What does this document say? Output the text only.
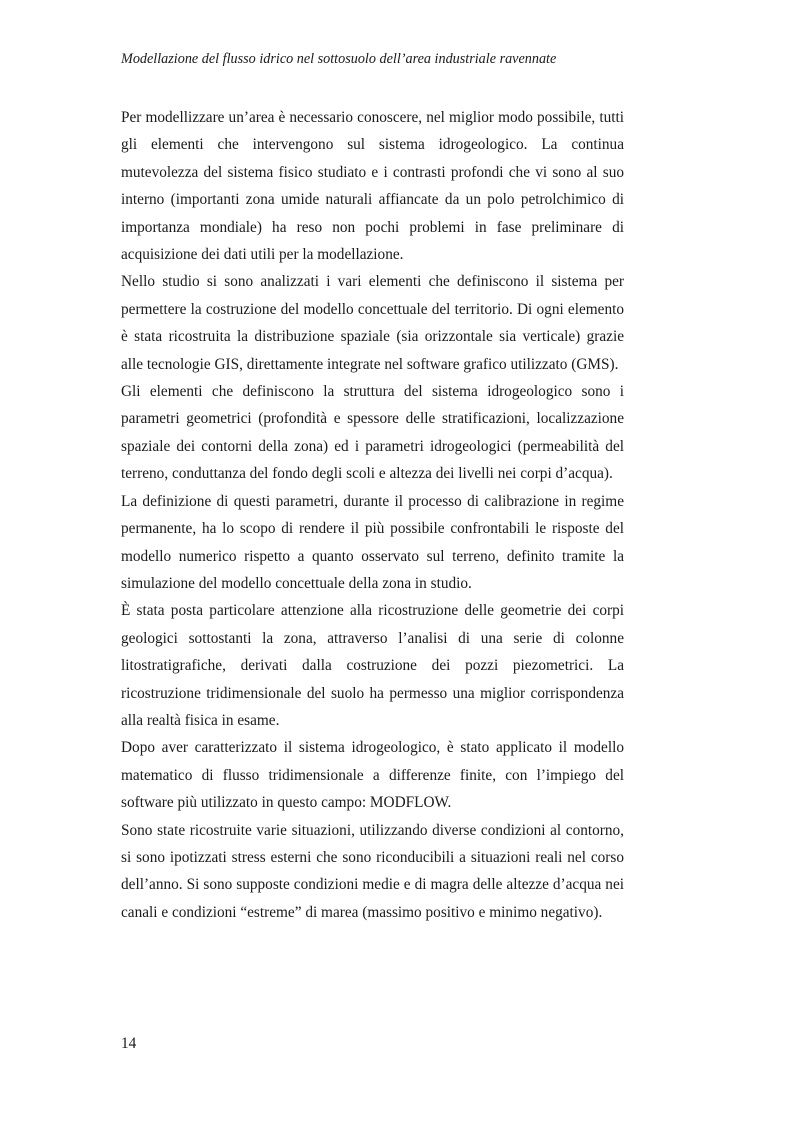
Modellazione del flusso idrico nel sottosuolo dell’area industriale ravennate

Per modellizzare un’area è necessario conoscere, nel miglior modo possibile, tutti gli elementi che intervengono sul sistema idrogeologico. La continua mutevolezza del sistema fisico studiato e i contrasti profondi che vi sono al suo interno (importanti zona umide naturali affiancate da un polo petrolchimico di importanza mondiale) ha reso non pochi problemi in fase preliminare di acquisizione dei dati utili per la modellazione.

Nello studio si sono analizzati i vari elementi che definiscono il sistema per permettere la costruzione del modello concettuale del territorio. Di ogni elemento è stata ricostruita la distribuzione spaziale (sia orizzontale sia verticale) grazie alle tecnologie GIS, direttamente integrate nel software grafico utilizzato (GMS).

Gli elementi che definiscono la struttura del sistema idrogeologico sono i parametri geometrici (profondità e spessore delle stratificazioni, localizzazione spaziale dei contorni della zona) ed i parametri idrogeologici (permeabilità del terreno, conduttanza del fondo degli scoli e altezza dei livelli nei corpi d’acqua).

La definizione di questi parametri, durante il processo di calibrazione in regime permanente, ha lo scopo di rendere il più possibile confrontabili le risposte del modello numerico rispetto a quanto osservato sul terreno, definito tramite la simulazione del modello concettuale della zona in studio.

È stata posta particolare attenzione alla ricostruzione delle geometrie dei corpi geologici sottostanti la zona, attraverso l’analisi di una serie di colonne litostratigrafiche, derivati dalla costruzione dei pozzi piezometrici. La ricostruzione tridimensionale del suolo ha permesso una miglior corrispondenza alla realtà fisica in esame.

Dopo aver caratterizzato il sistema idrogeologico, è stato applicato il modello matematico di flusso tridimensionale a differenze finite, con l’impiego del software più utilizzato in questo campo: MODFLOW.

Sono state ricostruite varie situazioni, utilizzando diverse condizioni al contorno, si sono ipotizzati stress esterni che sono riconducibili a situazioni reali nel corso dell’anno. Si sono supposte condizioni medie e di magra delle altezze d’acqua nei canali e condizioni “estreme” di marea (massimo positivo e minimo negativo).

14
